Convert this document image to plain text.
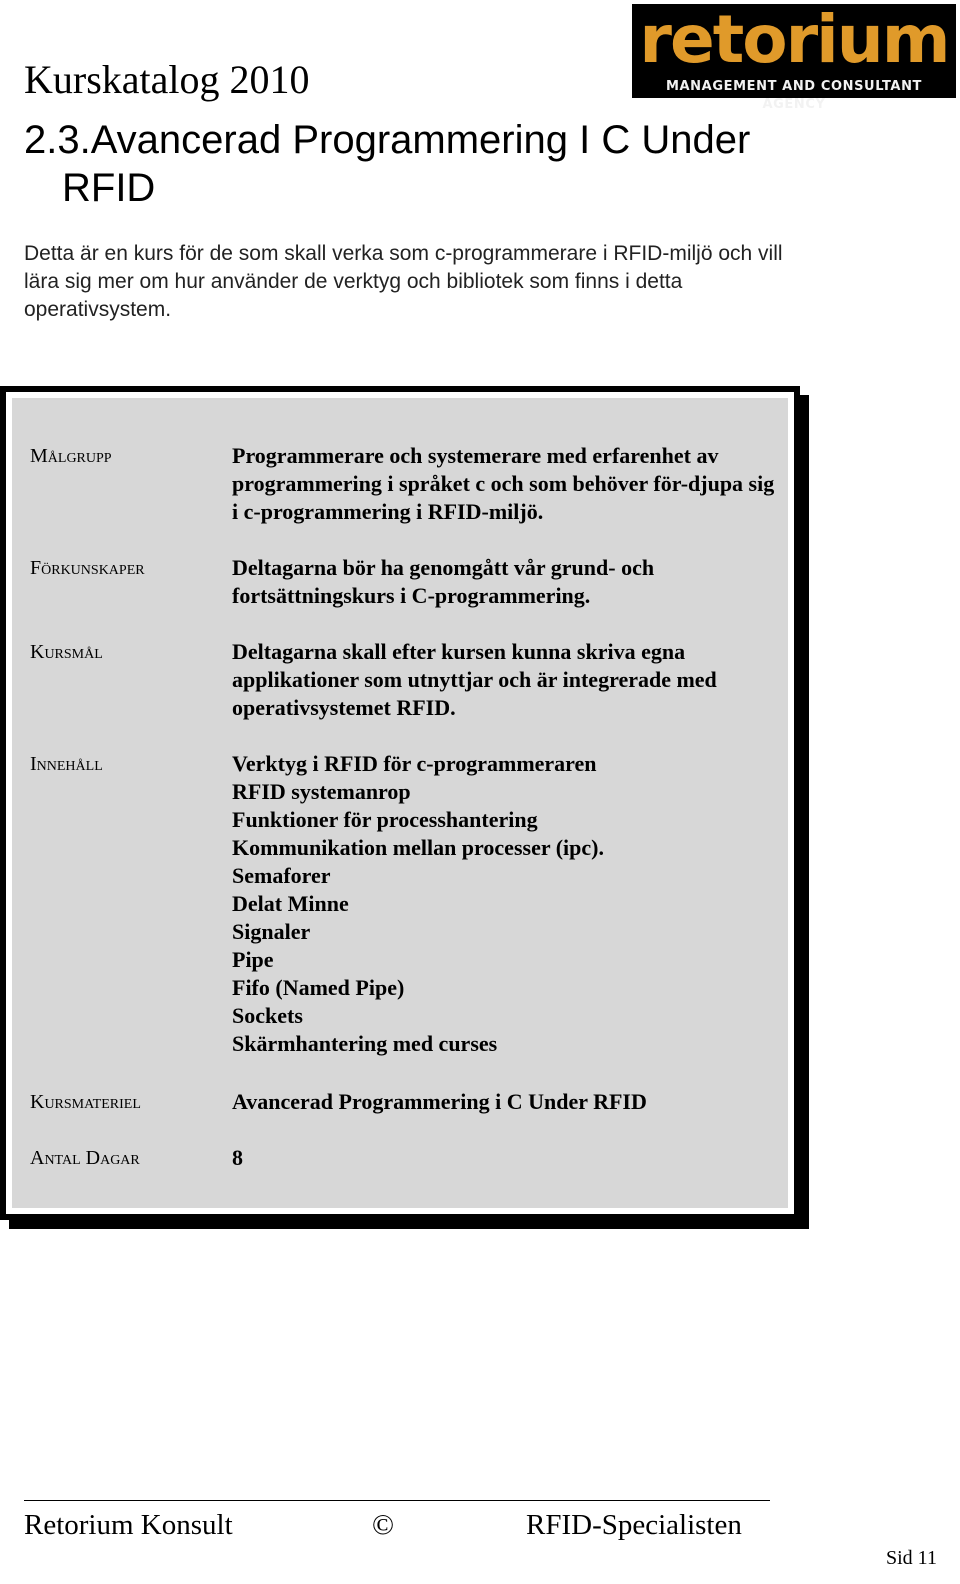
Kurskatalog 2010
retorium
MANAGEMENT AND CONSULTANT AGENCY
2.3.Avancerad Programmering I C Under
RFID

Detta är en kurs för de som skall verka som c-programmerare i RFID-miljö och vill lära sig mer om hur använder de verktyg och bibliotek som finns i detta operativsystem.

Målgrupp	Programmerare och systemerare med erfarenhet av programmering i språket c och som behöver för-djupa sig i c-programmering i RFID-miljö.
Förkunskaper	Deltagarna bör ha genomgått vår grund- och fortsättningskurs i C-programmering.
Kursmål	Deltagarna skall efter kursen kunna skriva egna applikationer som utnyttjar och är integrerade med operativsystemet RFID.
Innehåll	Verktyg i RFID för c-programmeraren
RFID systemanrop
Funktioner för processhantering
Kommunikation mellan processer (ipc).
Semaforer
Delat Minne
Signaler
Pipe
Fifo (Named Pipe)
Sockets
Skärmhantering med curses
Kursmateriel	Avancerad Programmering i C Under RFID
Antal Dagar	8
Retorium Konsult	©	RFID-Specialisten
Sid 11
